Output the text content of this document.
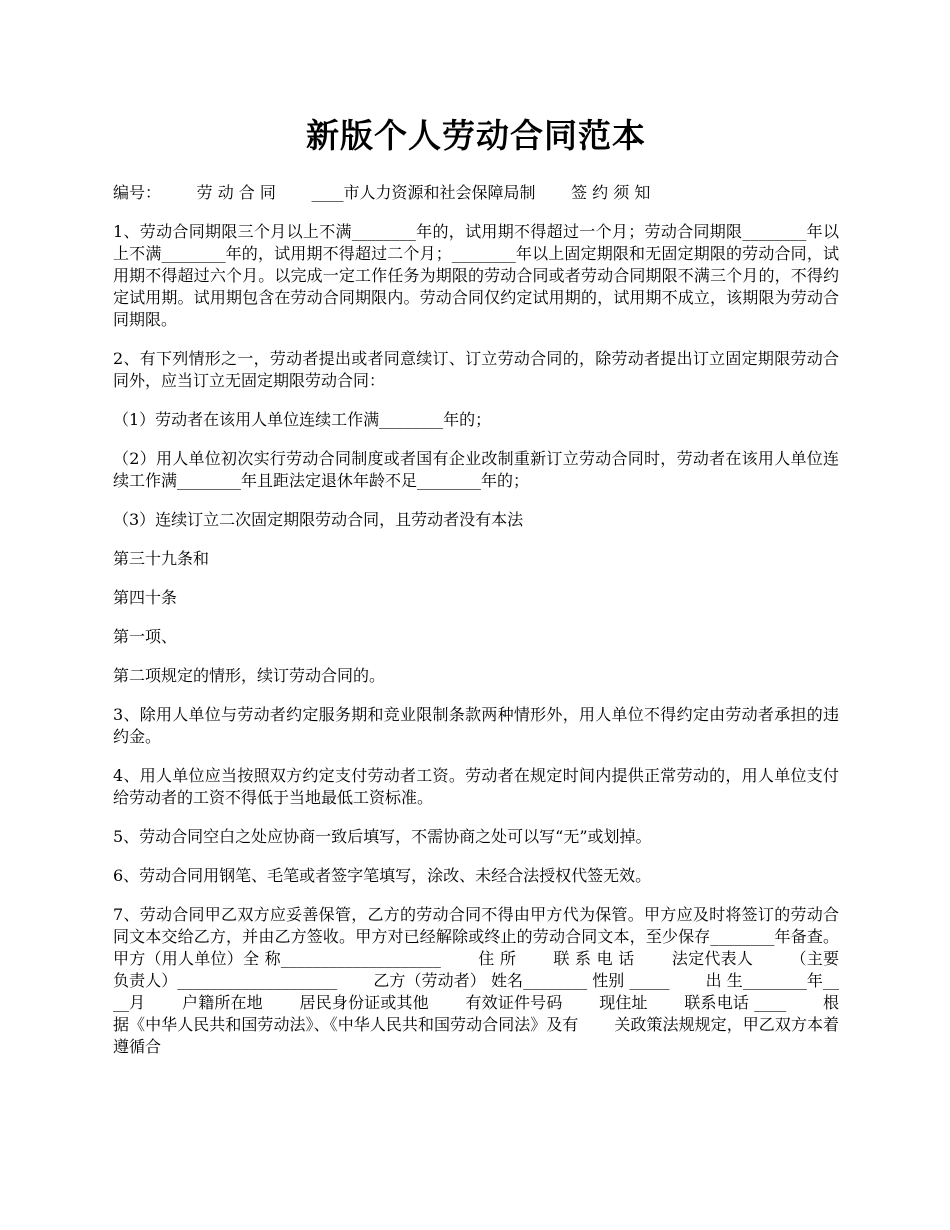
新版个人劳动合同范本
编号：       劳 动 合 同       ____市人力资源和社会保障局制       签 约 须 知
1、劳动合同期限三个月以上不满________年的，试用期不得超过一个月；劳动合同期限________年以上不满________年的，试用期不得超过二个月；________年以上固定期限和无固定期限的劳动合同，试用期不得超过六个月。以完成一定工作任务为期限的劳动合同或者劳动合同期限不满三个月的，不得约定试用期。试用期包含在劳动合同期限内。劳动合同仅约定试用期的，试用期不成立，该期限为劳动合同期限。
2、有下列情形之一，劳动者提出或者同意续订、订立劳动合同的，除劳动者提出订立固定期限劳动合同外，应当订立无固定期限劳动合同：
（1）劳动者在该用人单位连续工作满________年的；
（2）用人单位初次实行劳动合同制度或者国有企业改制重新订立劳动合同时，劳动者在该用人单位连续工作满________年且距法定退休年龄不足________年的；
（3）连续订立二次固定期限劳动合同，且劳动者没有本法
第三十九条和
第四十条
第一项、
第二项规定的情形，续订劳动合同的。
3、除用人单位与劳动者约定服务期和竞业限制条款两种情形外，用人单位不得约定由劳动者承担的违约金。
4、用人单位应当按照双方约定支付劳动者工资。劳动者在规定时间内提供正常劳动的，用人单位支付给劳动者的工资不得低于当地最低工资标准。
5、劳动合同空白之处应协商一致后填写，不需协商之处可以写“无”或划掉。
6、劳动合同用钢笔、毛笔或者签字笔填写，涂改、未经合法授权代签无效。
7、劳动合同甲乙双方应妥善保管，乙方的劳动合同不得由甲方代为保管。甲方应及时将签订的劳动合同文本交给乙方，并由乙方签收。甲方对已经解除或终止的劳动合同文本，至少保存________年备查。       甲方（用人单位）全 称____________________       住 所       联 系 电 话       法定代表人       （主要负责人）____________________       乙方（劳动者） 姓名________ 性别 _____       出 生________年____月       户籍所在地       居民身份证或其他       有效证件号码       现住址       联系电话 ____       根据《中华人民共和国劳动法》、《中华人民共和国劳动合同法》及有       关政策法规规定，甲乙双方本着遵循合
